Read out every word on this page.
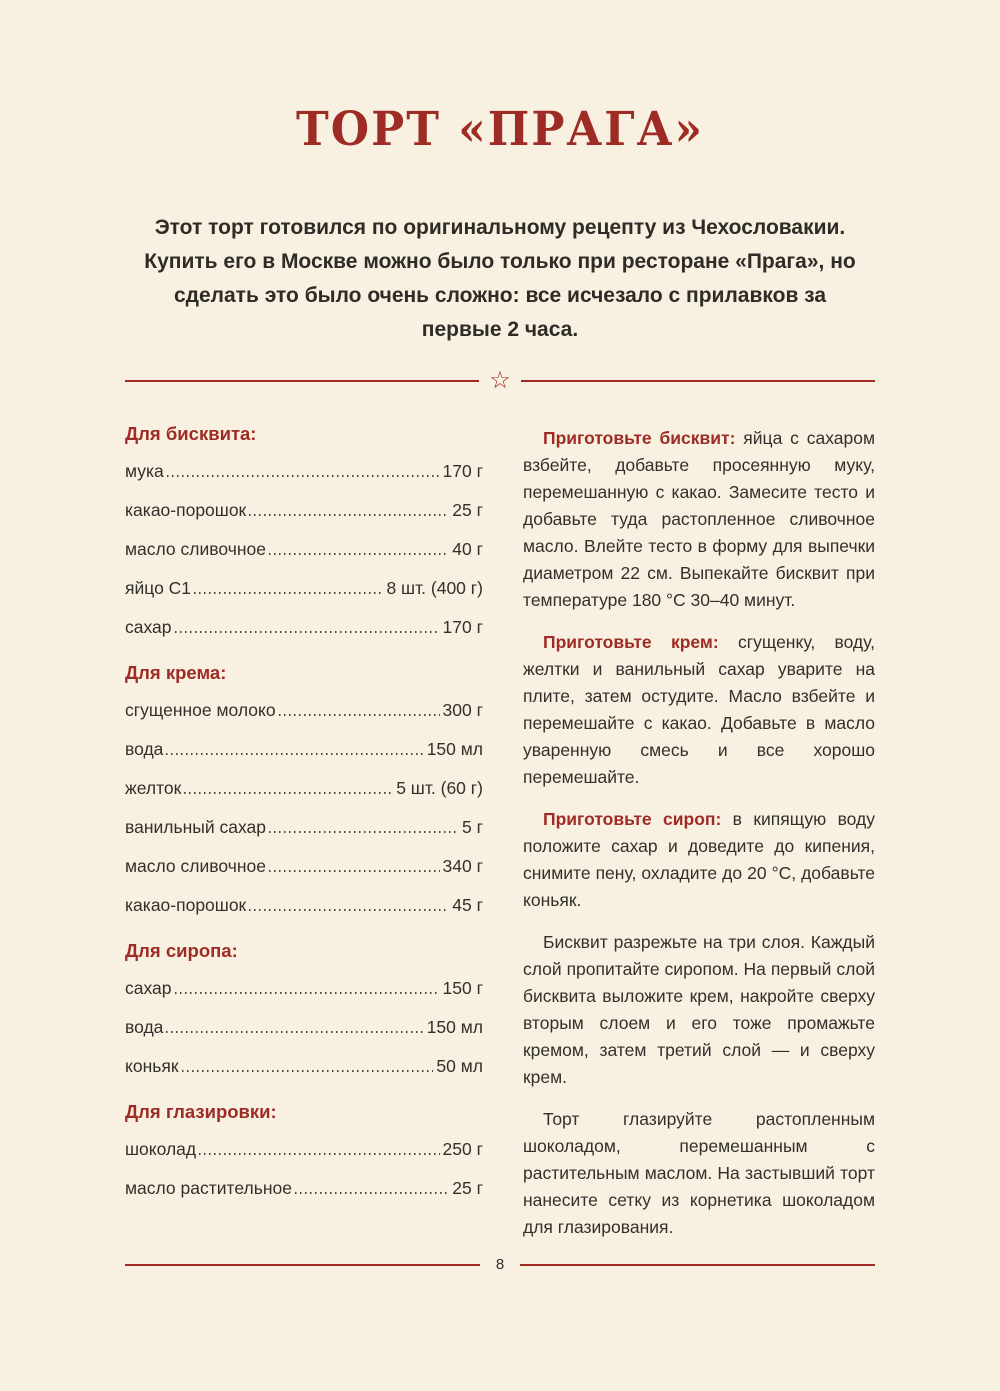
ТОРТ «ПРАГА»

Этот торт готовился по оригинальному рецепту из Чехословакии. Купить его в Москве можно было только при ресторане «Прага», но сделать это было очень сложно: все исчезало с прилавков за первые 2 часа.

☆
Для бисквита:
мука	170 г
какао-порошок	25 г
масло сливочное	40 г
яйцо С1	8 шт. (400 г)
сахар	170 г
Для крема:
сгущенное молоко	300 г
вода	150 мл
желток	5 шт. (60 г)
ванильный сахар	5 г
масло сливочное	340 г
какао-порошок	45 г
Для сиропа:
сахар	150 г
вода	150 мл
коньяк	50 мл
Для глазировки:
шоколад	250 г
масло растительное	25 г

Приготовьте бисквит: яйца с сахаром взбейте, добавьте просеянную муку, перемешанную с какао. Замесите тесто и добавьте туда растопленное сливочное масло. Влейте тесто в форму для выпечки диаметром 22 см. Выпекайте бисквит при температуре 180 °C 30–40 минут.

Приготовьте крем: сгущенку, воду, желтки и ванильный сахар уварите на плите, затем остудите. Масло взбейте и перемешайте с какао. Добавьте в масло уваренную смесь и все хорошо перемешайте.

Приготовьте сироп: в кипящую воду положите сахар и доведите до кипения, снимите пену, охладите до 20 °C, добавьте коньяк.

Бисквит разрежьте на три слоя. Каждый слой пропитайте сиропом. На первый слой бисквита выложите крем, накройте сверху вторым слоем и его тоже промажьте кремом, затем третий слой — и сверху крем.

Торт глазируйте растопленным шоколадом, перемешанным с растительным маслом. На застывший торт нанесите сетку из корнетика шоколадом для глазирования.

8
